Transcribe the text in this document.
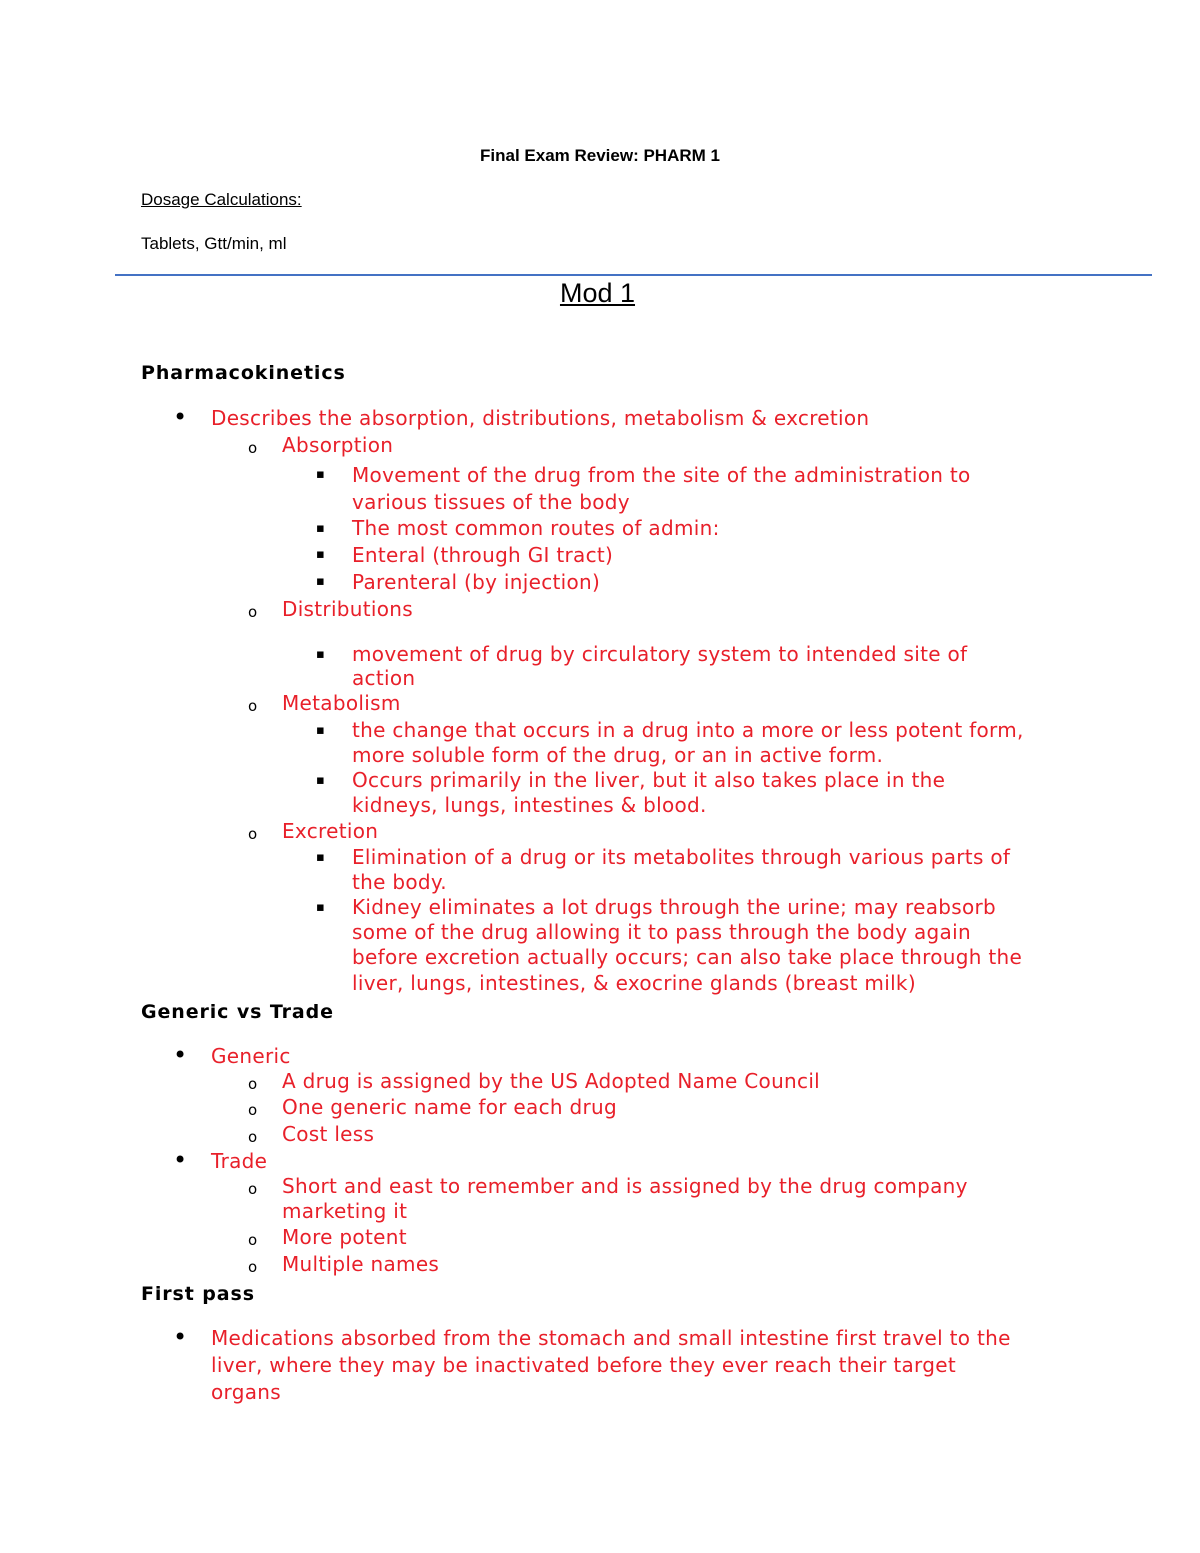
Final Exam Review: PHARM 1
Dosage Calculations:
Tablets, Gtt/min, ml
Mod 1
Pharmacokinetics
• Describes the absorption, distributions, metabolism & excretion
o Absorption
▪ Movement of the drug from the site of the administration to
various tissues of the body
▪ The most common routes of admin:
▪ Enteral (through GI tract)
▪ Parenteral (by injection)
o Distributions
▪ movement of drug by circulatory system to intended site of
action
o Metabolism
▪ the change that occurs in a drug into a more or less potent form,
more soluble form of the drug, or an in active form.
▪ Occurs primarily in the liver, but it also takes place in the
kidneys, lungs, intestines & blood.
o Excretion
▪ Elimination of a drug or its metabolites through various parts of
the body.
▪ Kidney eliminates a lot drugs through the urine; may reabsorb
some of the drug allowing it to pass through the body again
before excretion actually occurs; can also take place through the
liver, lungs, intestines, & exocrine glands (breast milk)
Generic vs Trade
• Generic
o A drug is assigned by the US Adopted Name Council
o One generic name for each drug
o Cost less
• Trade
o Short and east to remember and is assigned by the drug company
marketing it
o More potent
o Multiple names
First pass
• Medications absorbed from the stomach and small intestine first travel to the
liver, where they may be inactivated before they ever reach their target
organs
